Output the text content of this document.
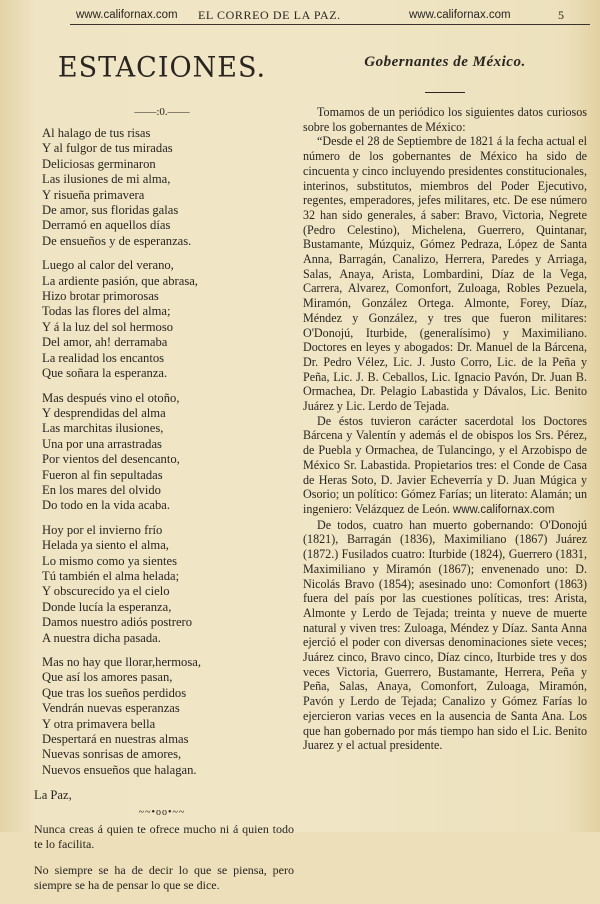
www.californax.com EL CORREO DE LA PAZ.	www.californax.com	5
ESTACIONES.
——:0.——
Al halago de tus risas
Y al fulgor de tus miradas
Deliciosas germinaron
Las ilusiones de mi alma,
Y risueña primavera
De amor, sus floridas galas
Derramó en aquellos días
De ensueños y de esperanzas.
Luego al calor del verano,
La ardiente pasión, que abrasa,
Hizo brotar primorosas
Todas las flores del alma;
Y á la luz del sol hermoso
Del amor, ah! derramaba
La realidad los encantos
Que soñara la esperanza.
Mas después vino el otoño,
Y desprendidas del alma
Las marchitas ilusiones,
Una por una arrastradas
Por vientos del desencanto,
Fueron al fin sepultadas
En los mares del olvido
Do todo en la vida acaba.
Hoy por el invierno frío
Helada ya siento el alma,
Lo mismo como ya sientes
Tú también el alma helada;
Y obscurecido ya el cielo
Donde lucía la esperanza,
Damos nuestro adiós postrero
A nuestra dicha pasada.
Mas no hay que llorar,hermosa,
Que así los amores pasan,
Que tras los sueños perdidos
Vendrán nuevas esperanzas
Y otra primavera bella
Despertará en nuestras almas
Nuevas sonrisas de amores,
Nuevos ensueños que halagan.
La Paz,
~~•oo•~~

Nunca creas á quien te ofrece mucho ni á quien todo te lo facilita.

No siempre se ha de decir lo que se piensa, pero siempre se ha de pensar lo que se dice.

Gobernantes de México.

Tomamos de un periódico los siguientes datos curiosos sobre los gobernantes de México:

“Desde el 28 de Septiembre de 1821 á la fecha actual el número de los gobernantes de México ha sido de cincuenta y cinco incluyendo presidentes constitucionales, interinos, substitutos, miembros del Poder Ejecutivo, regentes, emperadores, jefes militares, etc. De ese número 32 han sido generales, á saber: Bravo, Victoria, Negrete (Pedro Celestino), Michelena, Guerrero, Quintanar, Bustamante, Múzquiz, Gómez Pedraza, López de Santa Anna, Barragán, Canalizo, Herrera, Paredes y Arriaga, Salas, Anaya, Arista, Lombardini, Díaz de la Vega, Carrera, Alvarez, Comonfort, Zuloaga, Robles Pezuela, Miramón, González Ortega. Almonte, Forey, Díaz, Méndez y González, y tres que fueron militares: O'Donojú, Iturbide, (generalísimo) y Maximiliano. Doctores en leyes y abogados: Dr. Manuel de la Bárcena, Dr. Pedro Vélez, Lic. J. Justo Corro, Lic. de la Peña y Peña, Lic. J. B. Ceballos, Lic. Ignacio Pavón, Dr. Juan B. Ormachea, Dr. Pelagio Labastida y Dávalos, Lic. Benito Juárez y Lic. Lerdo de Tejada.

De éstos tuvieron carácter sacerdotal los Doctores Bárcena y Valentín y además el de obispos los Srs. Pérez, de Puebla y Ormachea, de Tulancingo, y el Arzobispo de México Sr. Labastida. Propietarios tres: el Conde de Casa de Heras Soto, D. Javier Echeverría y D. Juan Múgica y Osorio; un político: Gómez Farías; un literato: Alamán; un ingeniero: Velázquez de León. www.californax.com

De todos, cuatro han muerto gobernando: O'Donojú (1821), Barragán (1836), Maximiliano (1867) Juárez (1872.) Fusilados cuatro: Iturbide (1824), Guerrero (1831, Maximiliano y Miramón (1867); envenenado uno: D. Nicolás Bravo (1854); asesinado uno: Comonfort (1863) fuera del país por las cuestiones políticas, tres: Arista, Almonte y Lerdo de Tejada; treinta y nueve de muerte natural y viven tres: Zuloaga, Méndez y Díaz. Santa Anna ejerció el poder con diversas denominaciones siete veces; Juárez cinco, Bravo cinco, Díaz cinco, Iturbide tres y dos veces Victoria, Guerrero, Bustamante, Herrera, Peña y Peña, Salas, Anaya, Comonfort, Zuloaga, Miramón, Pavón y Lerdo de Tejada; Canalizo y Gómez Farías lo ejercieron varias veces en la ausencia de Santa Ana. Los que han gobernado por más tiempo han sido el Lic. Benito Juarez y el actual presidente.
